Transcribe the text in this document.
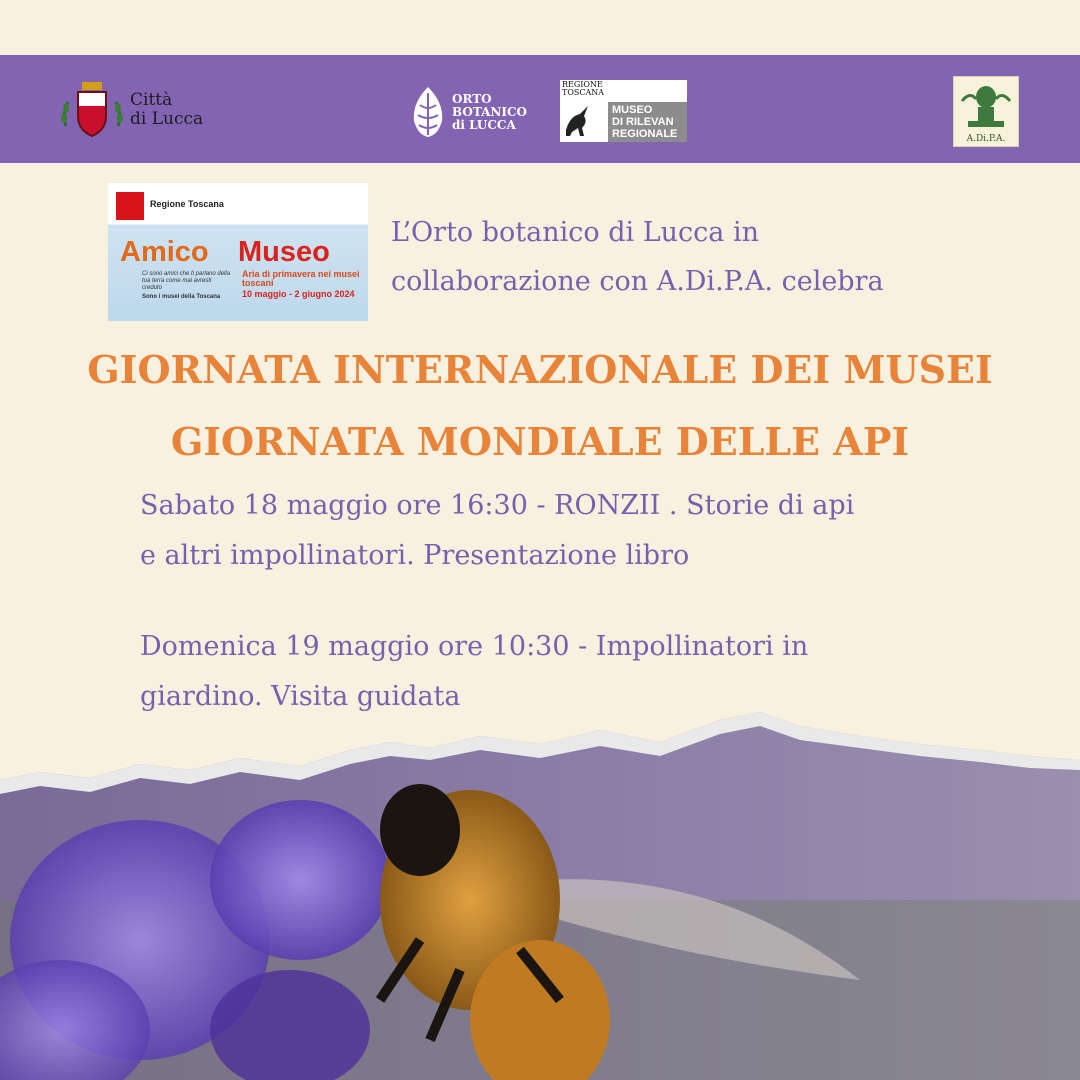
Città
di Lucca
ORTO
BOTANICO
di LUCCA
REGIONE
TOSCANA
MUSEO
DI RILEVAN
REGIONALE	A.Di.P.A.
Regione Toscana
Amico Museo
Ci sono amici che ti parlano della tua terra come mai avresti creduto
Sono i musei della Toscana
Aria di primavera nei musei toscani
10 maggio - 2 giugno 2024
L’Orto botanico di Lucca in
collaborazione con A.Di.P.A. celebra
GIORNATA INTERNAZIONALE DEI MUSEI
GIORNATA MONDIALE DELLE API
Sabato 18 maggio ore 16:30 - RONZII . Storie di api
e altri impollinatori. Presentazione libro
Domenica 19 maggio ore 10:30 - Impollinatori in
giardino. Visita guidata
